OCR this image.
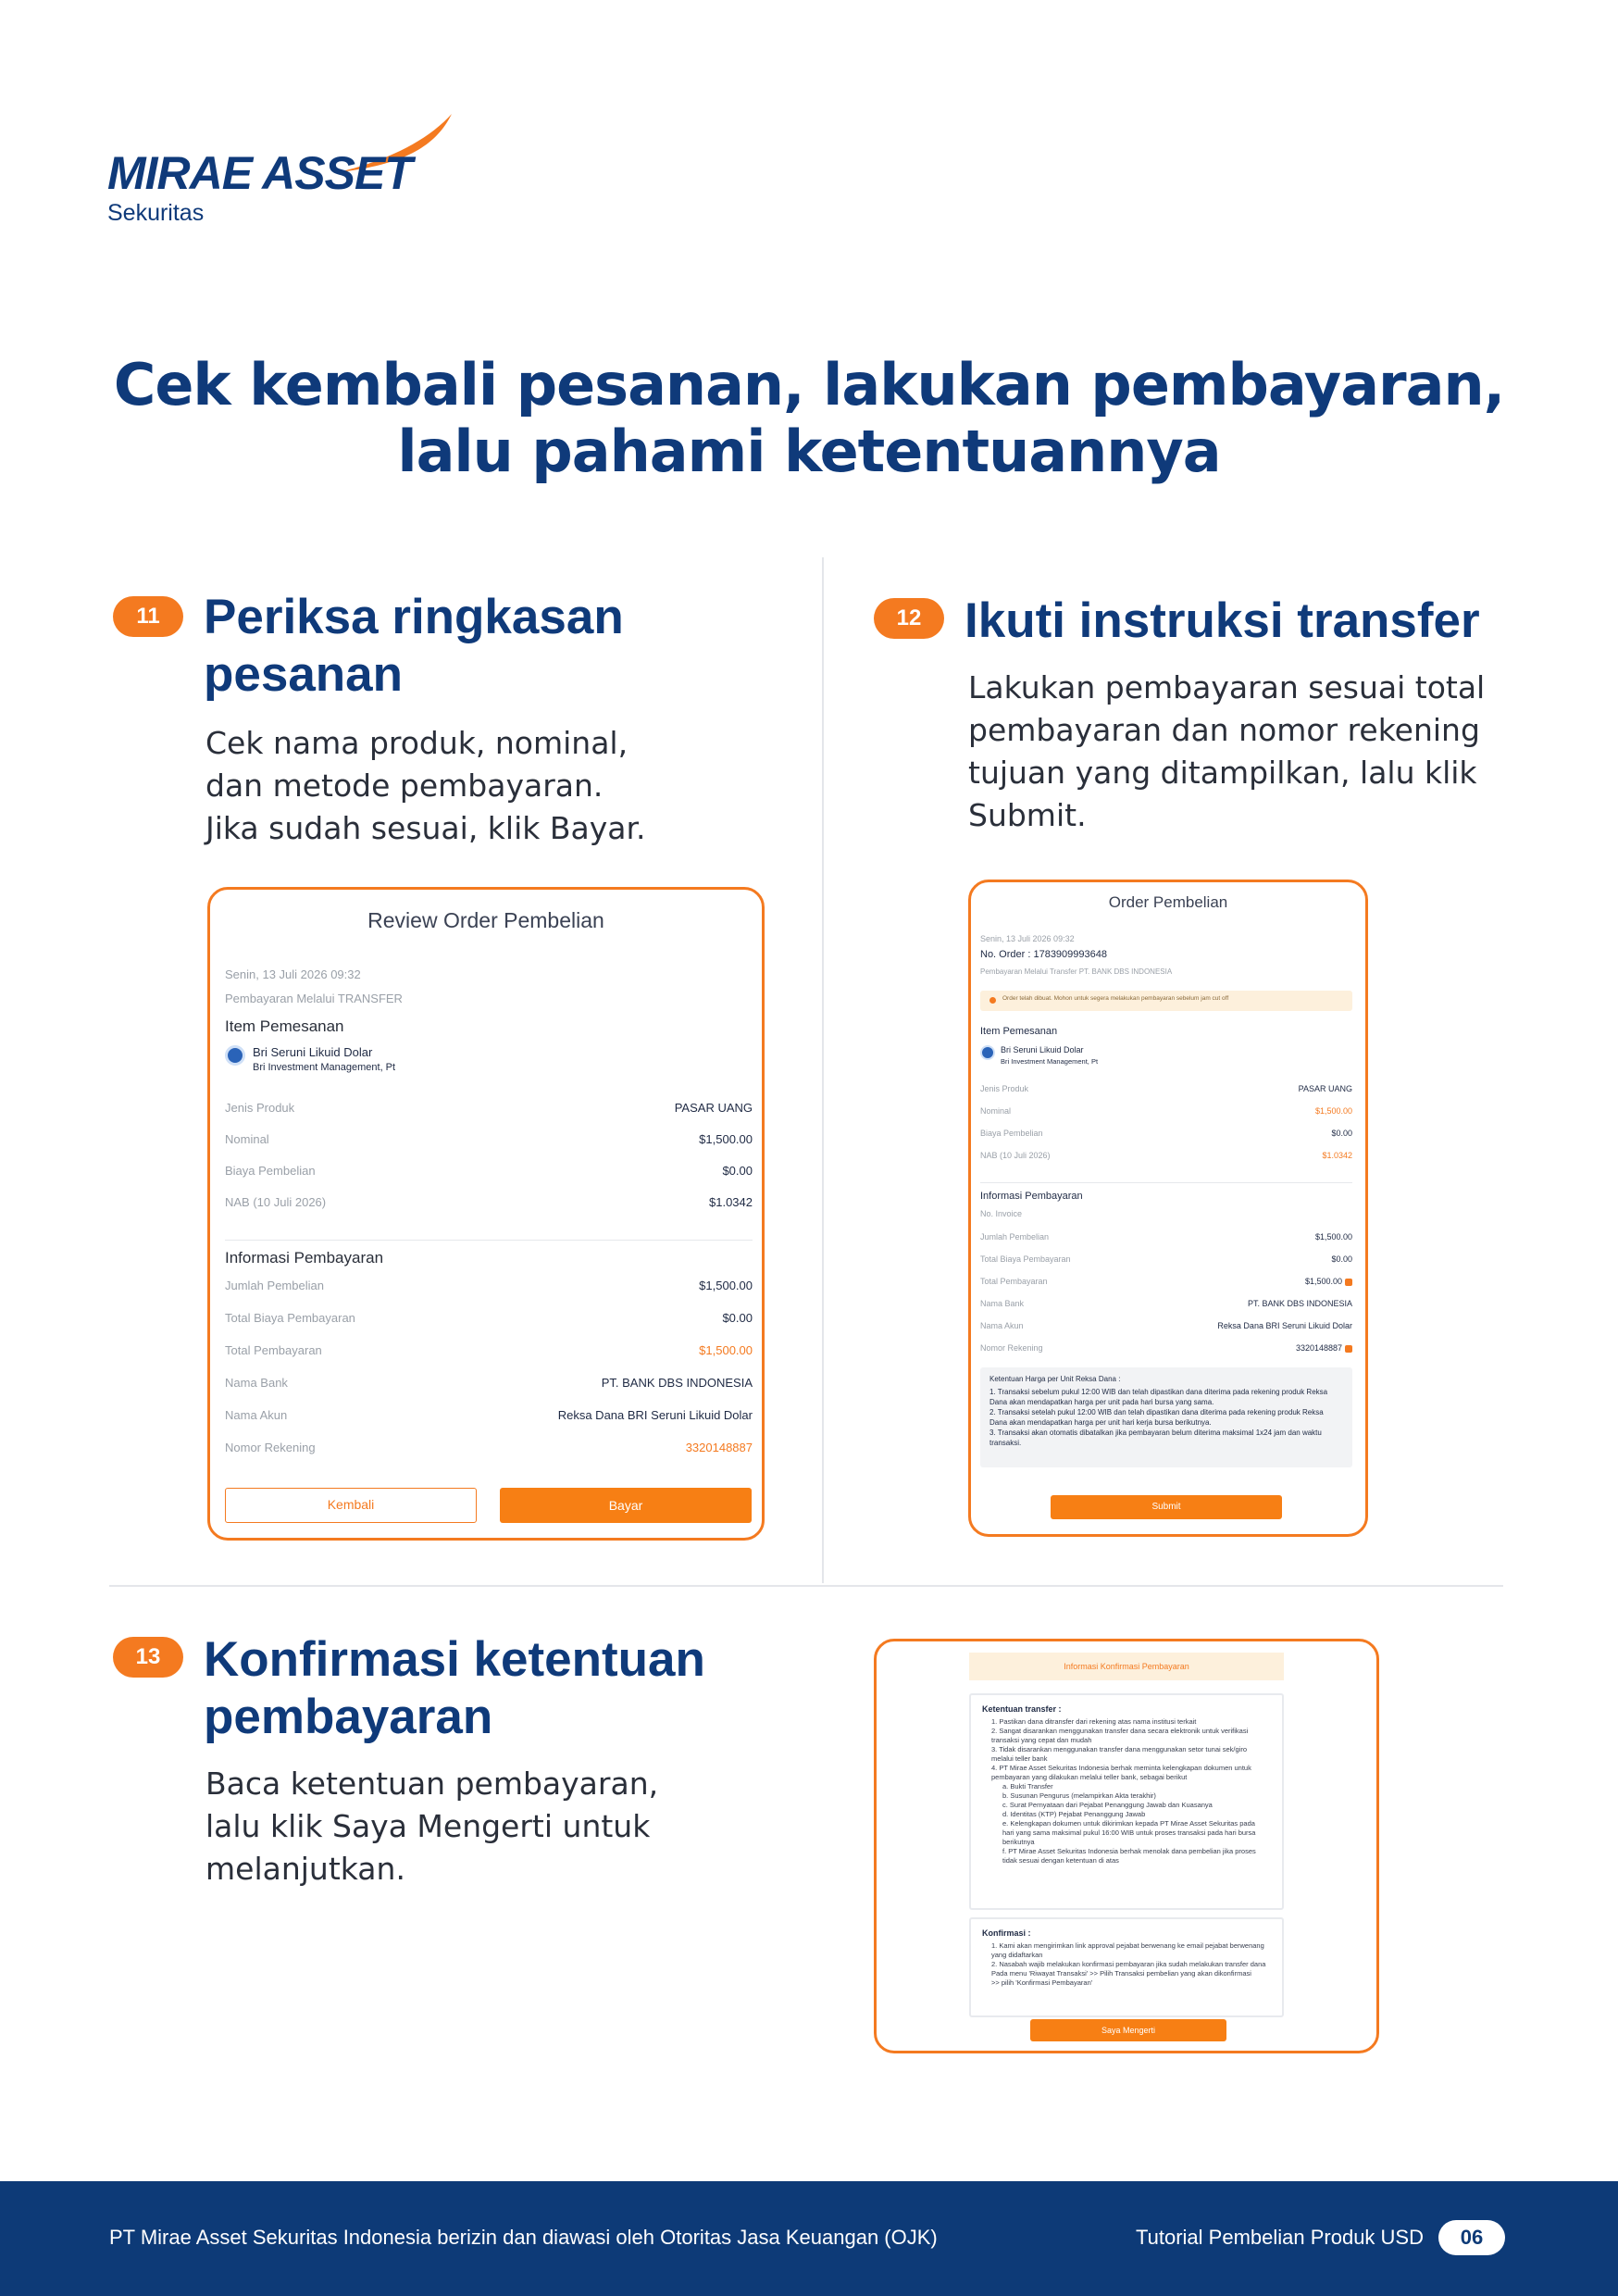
MIRAE ASSET
Sekuritas
Cek kembali pesanan, lakukan pembayaran,
lalu pahami ketentuannya
11 Periksa ringkasan
pesanan
Cek nama produk, nominal,
dan metode pembayaran.
Jika sudah sesuai, klik Bayar.
Review Order Pembelian
Senin, 13 Juli 2026 09:32
Pembayaran Melalui TRANSFER
Item Pemesanan
Bri Seruni Likuid Dolar
Bri Investment Management, Pt
Jenis Produk	PASAR UANG
Nominal	$1,500.00
Biaya Pembelian	$0.00
NAB (10 Juli 2026)	$1.0342
Informasi Pembayaran
Jumlah Pembelian	$1,500.00
Total Biaya Pembayaran	$0.00
Total Pembayaran	$1,500.00
Nama Bank	PT. BANK DBS INDONESIA
Nama Akun	Reksa Dana BRI Seruni Likuid Dolar
Nomor Rekening	3320148887
Kembali	Bayar
12 Ikuti instruksi transfer
Lakukan pembayaran sesuai total
pembayaran dan nomor rekening
tujuan yang ditampilkan, lalu klik
Submit.
Order Pembelian
Senin, 13 Juli 2026 09:32
No. Order : 1783909993648
Pembayaran Melalui Transfer PT. BANK DBS INDONESIA
Order telah dibuat. Mohon untuk segera melakukan pembayaran sebelum jam cut off
Item Pemesanan
Bri Seruni Likuid Dolar
Bri Investment Management, Pt
Jenis Produk	PASAR UANG
Nominal	$1,500.00
Biaya Pembelian	$0.00
NAB (10 Juli 2026)	$1.0342
Informasi Pembayaran
No. Invoice
Jumlah Pembelian	$1,500.00
Total Biaya Pembayaran	$0.00
Total Pembayaran	$1,500.00
Nama Bank	PT. BANK DBS INDONESIA
Nama Akun	Reksa Dana BRI Seruni Likuid Dolar
Nomor Rekening	3320148887
Ketentuan Harga per Unit Reksa Dana :
1. Transaksi sebelum pukul 12:00 WIB dan telah dipastikan dana diterima pada rekening produk Reksa
Dana akan mendapatkan harga per unit pada hari bursa yang sama.
2. Transaksi setelah pukul 12:00 WIB dan telah dipastikan dana diterima pada rekening produk Reksa
Dana akan mendapatkan harga per unit hari kerja bursa berikutnya.
3. Transaksi akan otomatis dibatalkan jika pembayaran belum diterima maksimal 1x24 jam dan waktu
transaksi.
Submit
13 Konfirmasi ketentuan
pembayaran
Baca ketentuan pembayaran,
lalu klik Saya Mengerti untuk
melanjutkan.
Informasi Konfirmasi Pembayaran
Ketentuan transfer :
1. Pastikan dana ditransfer dari rekening atas nama institusi terkait
2. Sangat disarankan menggunakan transfer dana secara elektronik untuk verifikasi
transaksi yang cepat dan mudah
3. Tidak disarankan menggunakan transfer dana menggunakan setor tunai sek/giro
melalui teller bank
4. PT Mirae Asset Sekuritas Indonesia berhak meminta kelengkapan dokumen untuk
pembayaran yang dilakukan melalui teller bank, sebagai berikut
a. Bukti Transfer
b. Susunan Pengurus (melampirkan Akta terakhir)
c. Surat Pernyataan dari Pejabat Penanggung Jawab dan Kuasanya
d. Identitas (KTP) Pejabat Penanggung Jawab
e. Kelengkapan dokumen untuk dikirimkan kepada PT Mirae Asset Sekuritas pada
hari yang sama maksimal pukul 16:00 WIB untuk proses transaksi pada hari bursa
berikutnya
f. PT Mirae Asset Sekuritas Indonesia berhak menolak dana pembelian jika proses
tidak sesuai dengan ketentuan di atas
Konfirmasi :
1. Kami akan mengirimkan link approval pejabat berwenang ke email pejabat berwenang
yang didaftarkan
2. Nasabah wajib melakukan konfirmasi pembayaran jika sudah melakukan transfer dana
Pada menu 'Riwayat Transaksi' >> Pilih Transaksi pembelian yang akan dikonfirmasi
>> pilih 'Konfirmasi Pembayaran'
Saya Mengerti
PT Mirae Asset Sekuritas Indonesia berizin dan diawasi oleh Otoritas Jasa Keuangan (OJK)	Tutorial Pembelian Produk USD	06
